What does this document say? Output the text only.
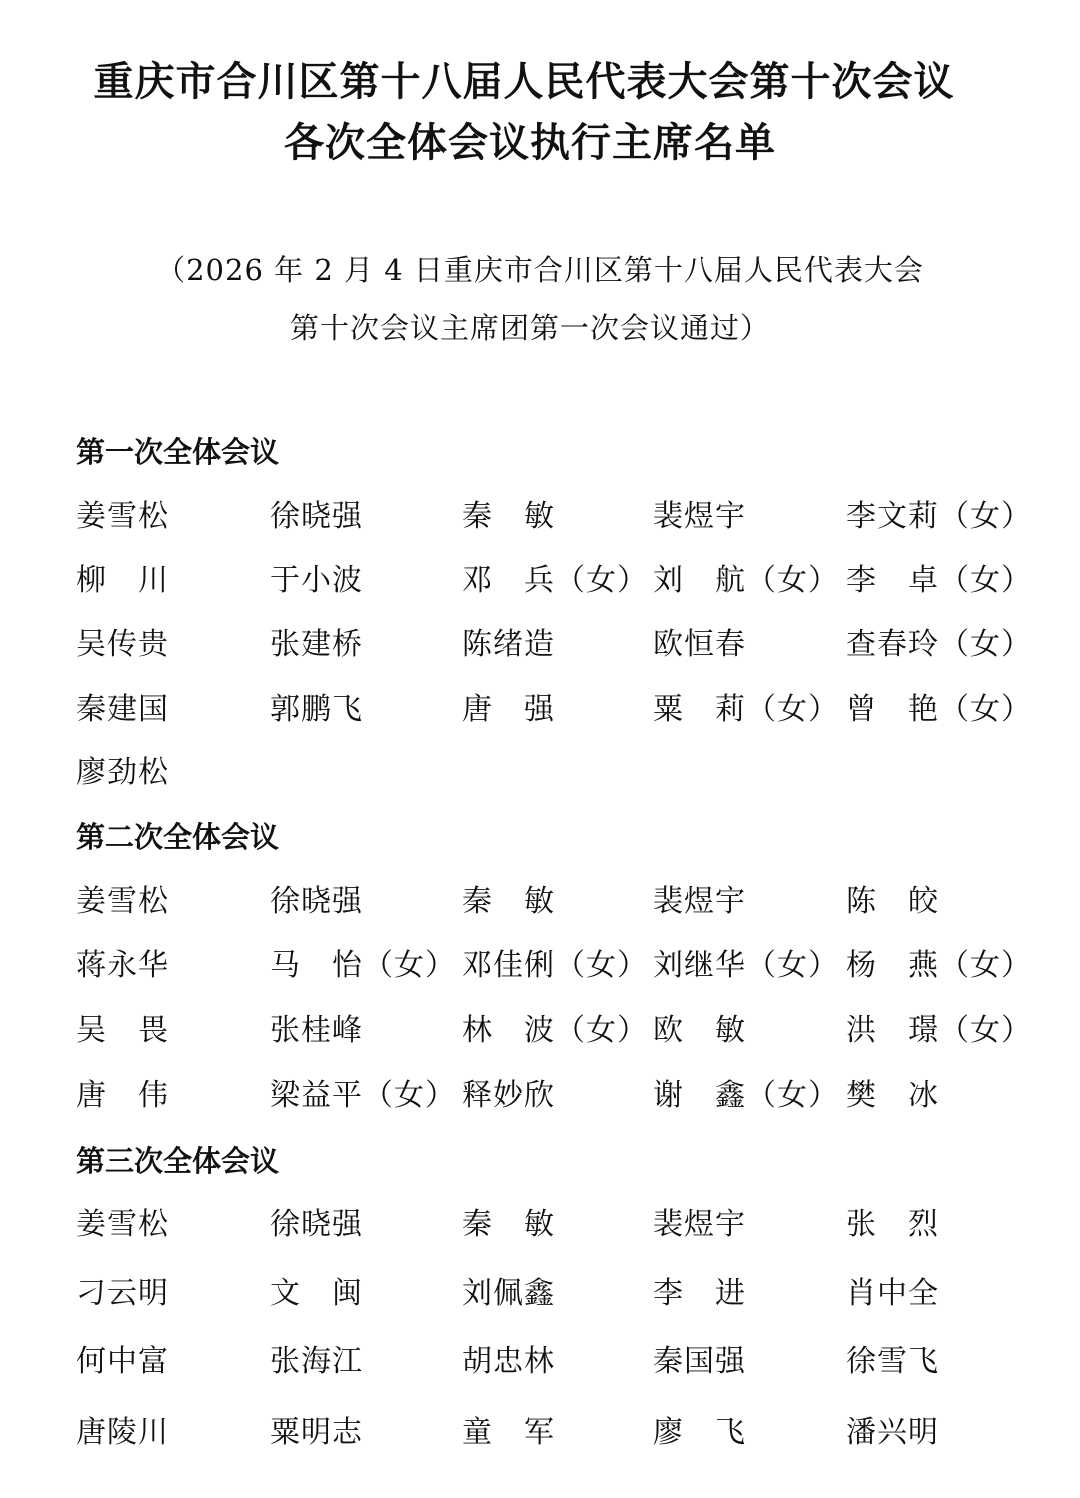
重庆市合川区第十八届人民代表大会第十次会议
各次全体会议执行主席名单
（2026 年 2 月 4 日重庆市合川区第十八届人民代表大会
第十次会议主席团第一次会议通过）
第一次全体会议
姜雪松	徐晓强	秦　敏	裴煜宇	李文莉（女）
柳　川	于小波	邓　兵（女） 刘　航（女） 李　卓（女）
吴传贵	张建桥	陈绪造	欧恒春	查春玲（女）
秦建国	郭鹏飞	唐　强	粟　莉（女） 曾　艳（女）
廖劲松
第二次全体会议
姜雪松	徐晓强	秦　敏	裴煜宇	陈　皎
蒋永华	马　怡（女） 邓佳俐（女） 刘继华（女） 杨　燕（女）
吴　畏	张桂峰	林　波（女） 欧　敏	洪　璟（女）
唐　伟	梁益平（女） 释妙欣	谢　鑫（女） 樊　冰
第三次全体会议
姜雪松	徐晓强	秦　敏	裴煜宇	张　烈
刁云明	文　闽	刘佩鑫	李　进	肖中全
何中富	张海江	胡忠林	秦国强	徐雪飞
唐陵川	粟明志	童　军	廖　飞	潘兴明
